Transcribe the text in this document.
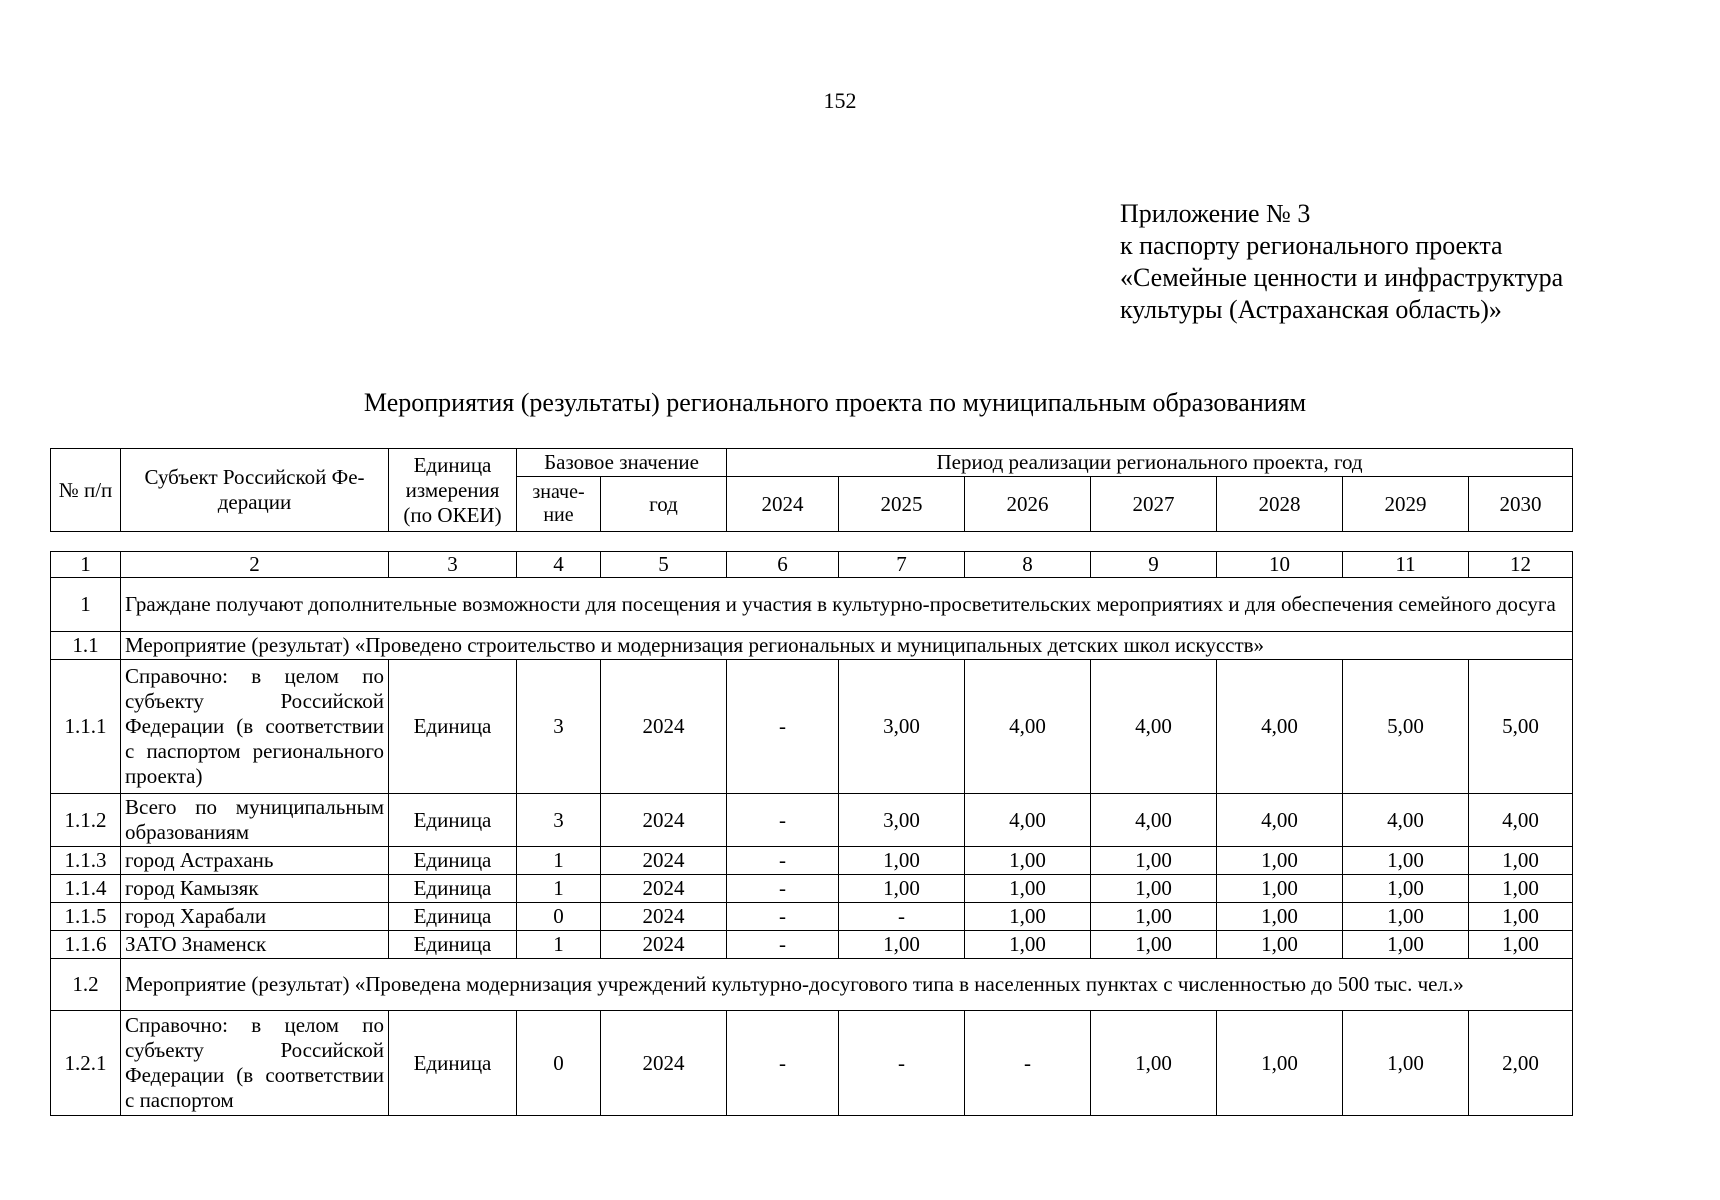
152
Приложение № 3
к паспорту регионального проекта
«Семейные ценности и инфраструктура
культуры (Астраханская область)»
Мероприятия (результаты) регионального проекта по муниципальным образованиям
№ п/п	Субъект Российской Федерации	Единица измерения (по ОКЕИ)	Базовое значение		Период реализации регионального проекта, год						
			значение	год	2024	2025	2026	2027	2028	2029	2030
1	2	3	4	5	6	7	8	9	10	11	12
1	Граждане получают дополнительные возможности для посещения и участия в культурно-просветительских мероприятиях и для обеспечения семейного досуга										
1.1	Мероприятие (результат) «Проведено строительство и модернизация региональных и муниципальных детских школ искусств»										
1.1.1	Справочно: в целом по субъекту Российской Федерации (в соответствии с паспортом регионального проекта)	Единица	3	2024	-	3,00	4,00	4,00	4,00	5,00	5,00
1.1.2	Всего по муниципальным образованиям	Единица	3	2024	-	3,00	4,00	4,00	4,00	4,00	4,00
1.1.3	город Астрахань	Единица	1	2024	-	1,00	1,00	1,00	1,00	1,00	1,00
1.1.4	город Камызяк	Единица	1	2024	-	1,00	1,00	1,00	1,00	1,00	1,00
1.1.5	город Харабали	Единица	0	2024	-	-	1,00	1,00	1,00	1,00	1,00
1.1.6	ЗАТО Знаменск	Единица	1	2024	-	1,00	1,00	1,00	1,00	1,00	1,00
1.2	Мероприятие (результат) «Проведена модернизация учреждений культурно-досугового типа в населенных пунктах с численностью до 500 тыс. чел.»										
1.2.1	Справочно: в целом по субъекту Российской Федерации (в соответствии с паспортом	Единица	0	2024	-	-	-	1,00	1,00	1,00	2,00
